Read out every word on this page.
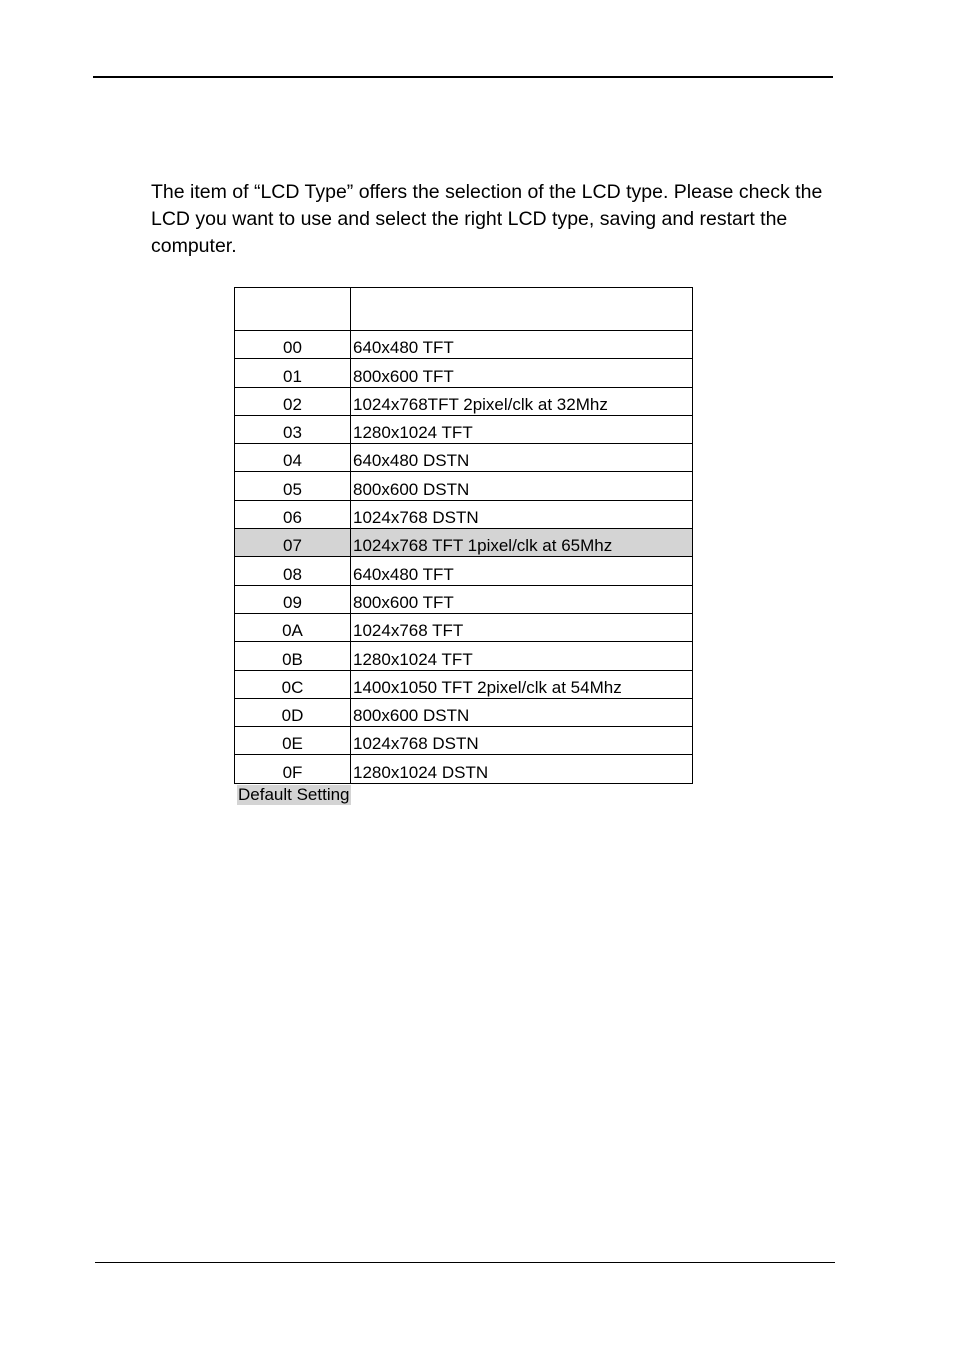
The item of “LCD Type” offers the selection of the LCD type. Please check the LCD you want to use and select the right LCD type, saving and restart the computer.

00	640x480 TFT
01	800x600 TFT
02	1024x768TFT 2pixel/clk at 32Mhz
03	1280x1024 TFT
04	640x480 DSTN
05	800x600 DSTN
06	1024x768 DSTN
07	1024x768 TFT 1pixel/clk at 65Mhz
08	640x480 TFT
09	800x600 TFT
0A	1024x768 TFT
0B	1280x1024 TFT
0C	1400x1050 TFT 2pixel/clk at 54Mhz
0D	800x600 DSTN
0E	1024x768 DSTN
0F	1280x1024 DSTN
Default Setting
